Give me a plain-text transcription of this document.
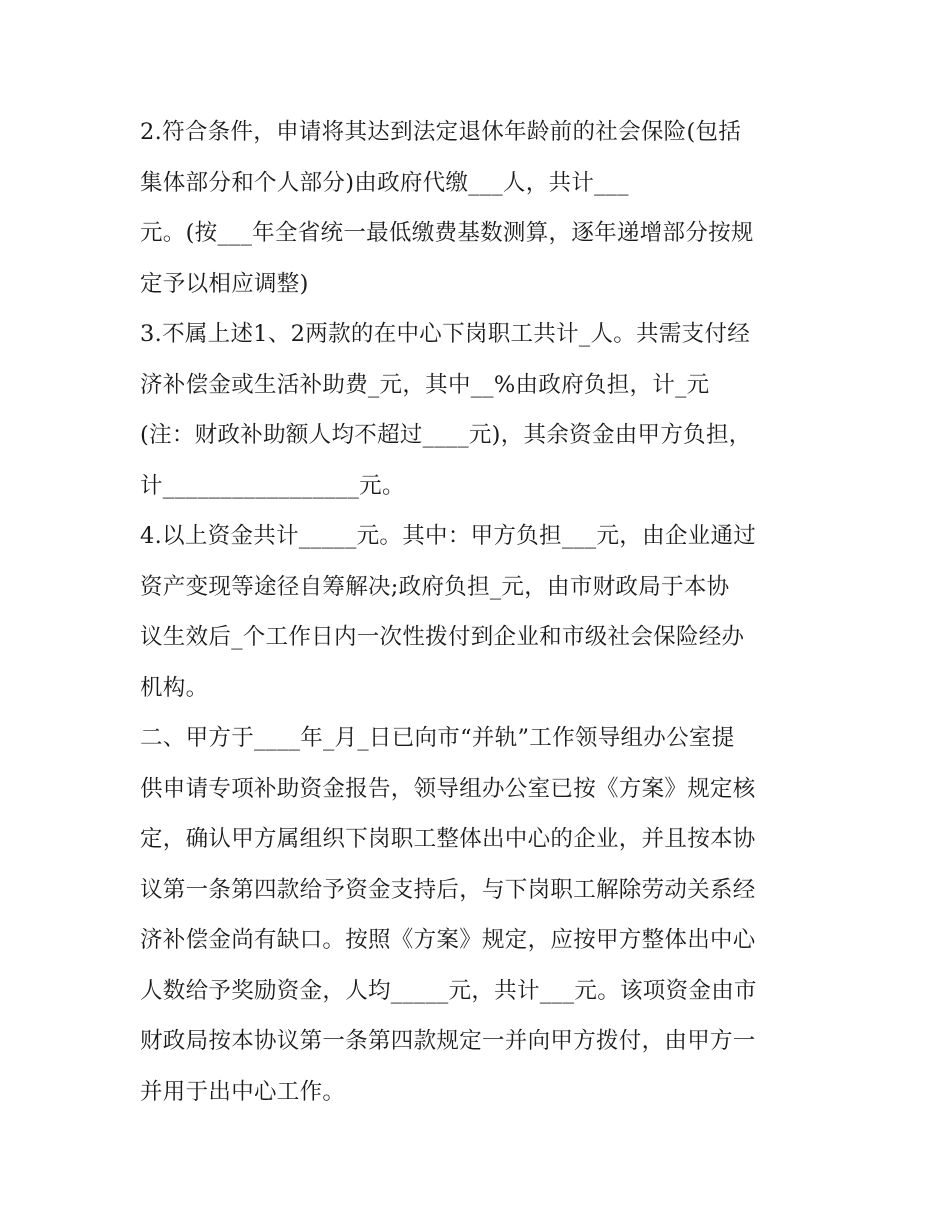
2.符合条件，申请将其达到法定退休年龄前的社会保险(包括
集体部分和个人部分)由政府代缴___人，共计___
元。(按___年全省统一最低缴费基数测算，逐年递增部分按规
定予以相应调整)
3.不属上述1、2两款的在中心下岗职工共计_人。共需支付经
济补偿金或生活补助费_元，其中__%由政府负担，计_元
(注：财政补助额人均不超过____元)，其余资金由甲方负担，
计_________________元。
4.以上资金共计_____元。其中：甲方负担___元，由企业通过
资产变现等途径自筹解决;政府负担_元，由市财政局于本协
议生效后_个工作日内一次性拨付到企业和市级社会保险经办
机构。
二、甲方于____年_月_日已向市“并轨”工作领导组办公室提
供申请专项补助资金报告，领导组办公室已按《方案》规定核
定，确认甲方属组织下岗职工整体出中心的企业，并且按本协
议第一条第四款给予资金支持后，与下岗职工解除劳动关系经
济补偿金尚有缺口。按照《方案》规定，应按甲方整体出中心
人数给予奖励资金，人均_____元，共计___元。该项资金由市
财政局按本协议第一条第四款规定一并向甲方拨付，由甲方一
并用于出中心工作。
